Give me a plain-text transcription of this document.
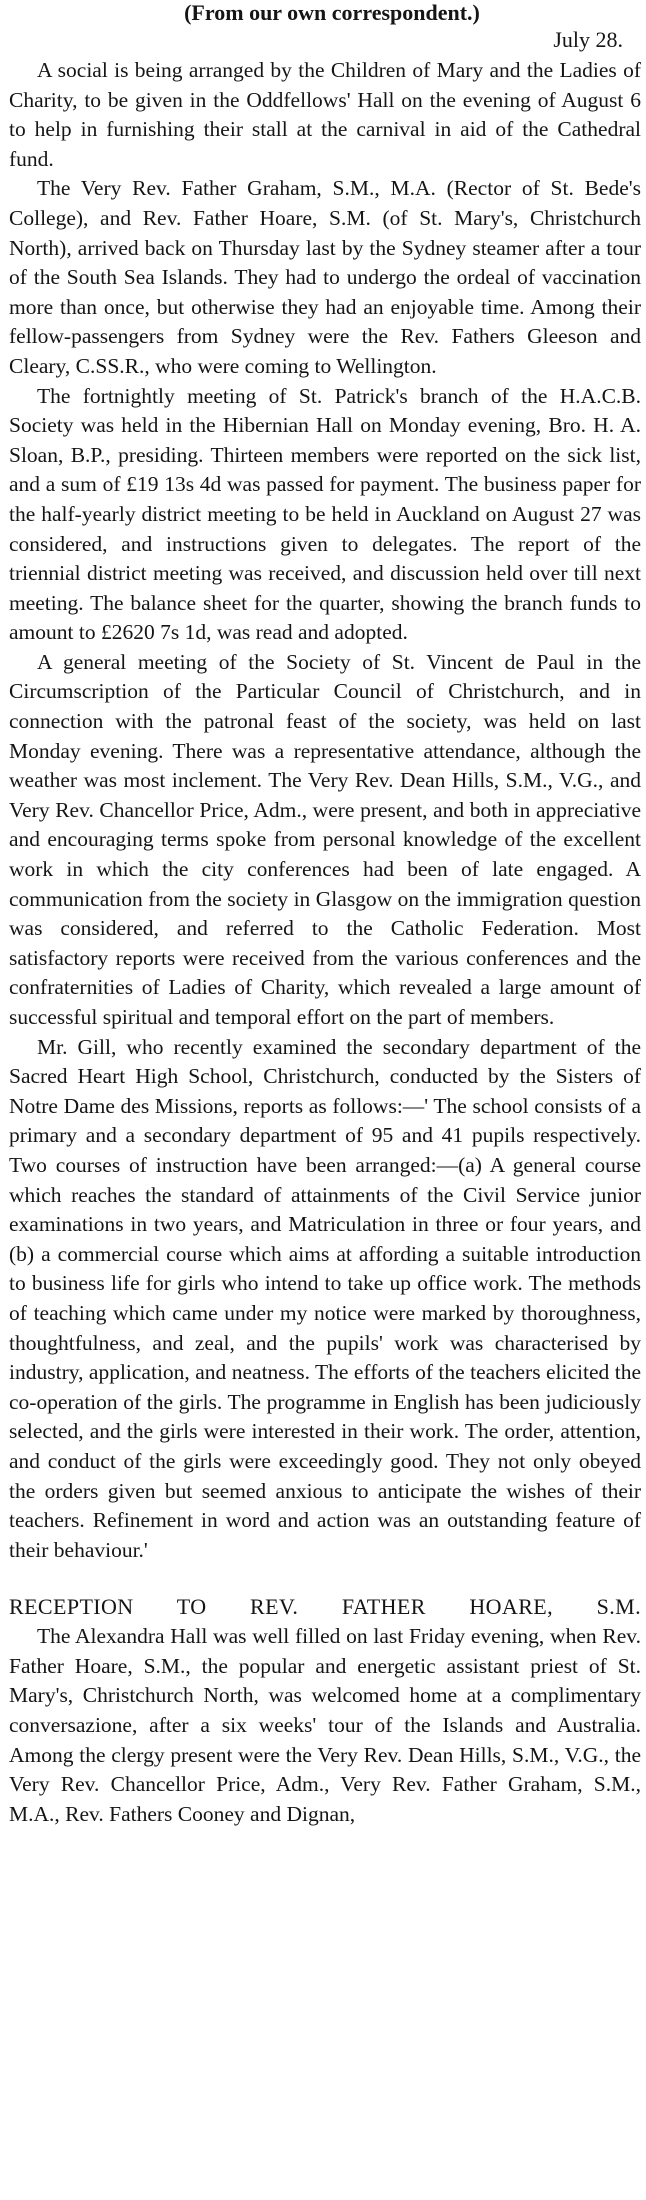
(From our own correspondent.)

July 28.

A social is being arranged by the Children of Mary and the Ladies of Charity, to be given in the Oddfellows' Hall on the evening of August 6 to help in furnishing their stall at the carnival in aid of the Cathedral fund.

The Very Rev. Father Graham, S.M., M.A. (Rector of St. Bede's College), and Rev. Father Hoare, S.M. (of St. Mary's, Christchurch North), arrived back on Thursday last by the Sydney steamer after a tour of the South Sea Islands. They had to undergo the ordeal of vaccination more than once, but otherwise they had an enjoyable time. Among their fellow-passengers from Sydney were the Rev. Fathers Gleeson and Cleary, C.SS.R., who were coming to Wellington.

The fortnightly meeting of St. Patrick's branch of the H.A.C.B. Society was held in the Hibernian Hall on Monday evening, Bro. H. A. Sloan, B.P., presiding. Thirteen members were reported on the sick list, and a sum of £19 13s 4d was passed for payment. The business paper for the half-yearly district meeting to be held in Auckland on August 27 was considered, and instructions given to delegates. The report of the triennial district meeting was received, and discussion held over till next meeting. The balance sheet for the quarter, showing the branch funds to amount to £2620 7s 1d, was read and adopted.

A general meeting of the Society of St. Vincent de Paul in the Circumscription of the Particular Council of Christchurch, and in connection with the patronal feast of the society, was held on last Monday evening. There was a representative attendance, although the weather was most inclement. The Very Rev. Dean Hills, S.M., V.G., and Very Rev. Chancellor Price, Adm., were present, and both in appreciative and encouraging terms spoke from personal knowledge of the excellent work in which the city conferences had been of late engaged. A communication from the society in Glasgow on the immigration question was considered, and referred to the Catholic Federation. Most satisfactory reports were received from the various conferences and the confraternities of Ladies of Charity, which revealed a large amount of successful spiritual and temporal effort on the part of members.

Mr. Gill, who recently examined the secondary department of the Sacred Heart High School, Christchurch, conducted by the Sisters of Notre Dame des Missions, reports as follows:—' The school consists of a primary and a secondary department of 95 and 41 pupils respectively. Two courses of instruction have been arranged:—(a) A general course which reaches the standard of attainments of the Civil Service junior examinations in two years, and Matriculation in three or four years, and (b) a commercial course which aims at affording a suitable introduction to business life for girls who intend to take up office work. The methods of teaching which came under my notice were marked by thoroughness, thoughtfulness, and zeal, and the pupils' work was characterised by industry, application, and neatness. The efforts of the teachers elicited the co-operation of the girls. The programme in English has been judiciously selected, and the girls were interested in their work. The order, attention, and conduct of the girls were exceedingly good. They not only obeyed the orders given but seemed anxious to anticipate the wishes of their teachers. Refinement in word and action was an outstanding feature of their behaviour.'

RECEPTION TO REV. FATHER HOARE, S.M.

The Alexandra Hall was well filled on last Friday evening, when Rev. Father Hoare, S.M., the popular and energetic assistant priest of St. Mary's, Christchurch North, was welcomed home at a complimentary conversazione, after a six weeks' tour of the Islands and Australia. Among the clergy present were the Very Rev. Dean Hills, S.M., V.G., the Very Rev. Chancellor Price, Adm., Very Rev. Father Graham, S.M., M.A., Rev. Fathers Cooney and Dignan,
